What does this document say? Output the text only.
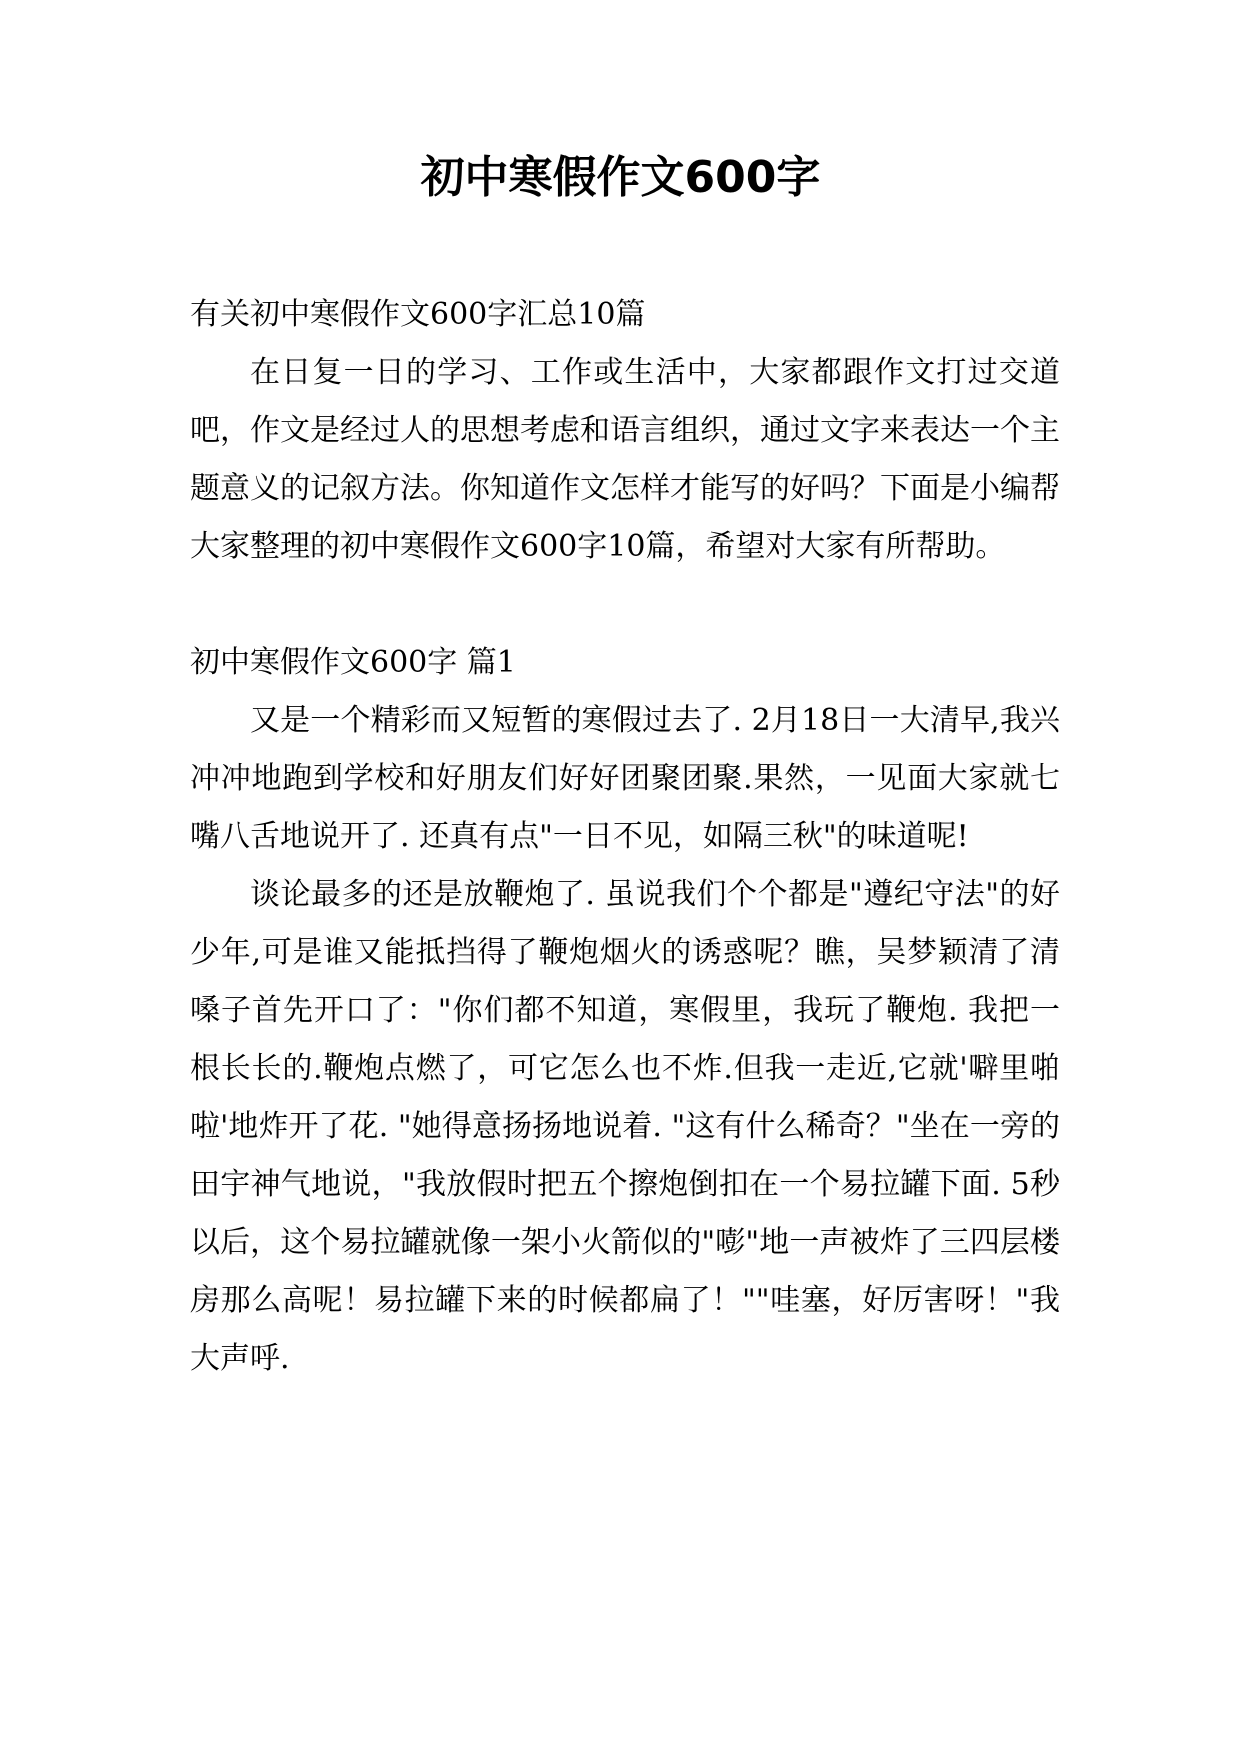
初中寒假作文600字

有关初中寒假作文600字汇总10篇

在日复一日的学习、工作或生活中，大家都跟作文打过交道吧，作文是经过人的思想考虑和语言组织，通过文字来表达一个主题意义的记叙方法。你知道作文怎样才能写的好吗？下面是小编帮大家整理的初中寒假作文600字10篇，希望对大家有所帮助。

初中寒假作文600字 篇1

又是一个精彩而又短暂的寒假过去了. 2月18日一大清早,我兴冲冲地跑到学校和好朋友们好好团聚团聚.果然，一见面大家就七嘴八舌地说开了. 还真有点"一日不见，如隔三秋"的味道呢!

谈论最多的还是放鞭炮了. 虽说我们个个都是"遵纪守法"的好少年,可是谁又能抵挡得了鞭炮烟火的诱惑呢？瞧，吴梦颖清了清嗓子首先开口了："你们都不知道，寒假里，我玩了鞭炮. 我把一根长长的.鞭炮点燃了，可它怎么也不炸.但我一走近,它就'噼里啪啦'地炸开了花. "她得意扬扬地说着. "这有什么稀奇？"坐在一旁的田宇神气地说，"我放假时把五个擦炮倒扣在一个易拉罐下面. 5秒以后，这个易拉罐就像一架小火箭似的"嘭"地一声被炸了三四层楼房那么高呢！易拉罐下来的时候都扁了！""哇塞，好厉害呀！"我大声呼.
